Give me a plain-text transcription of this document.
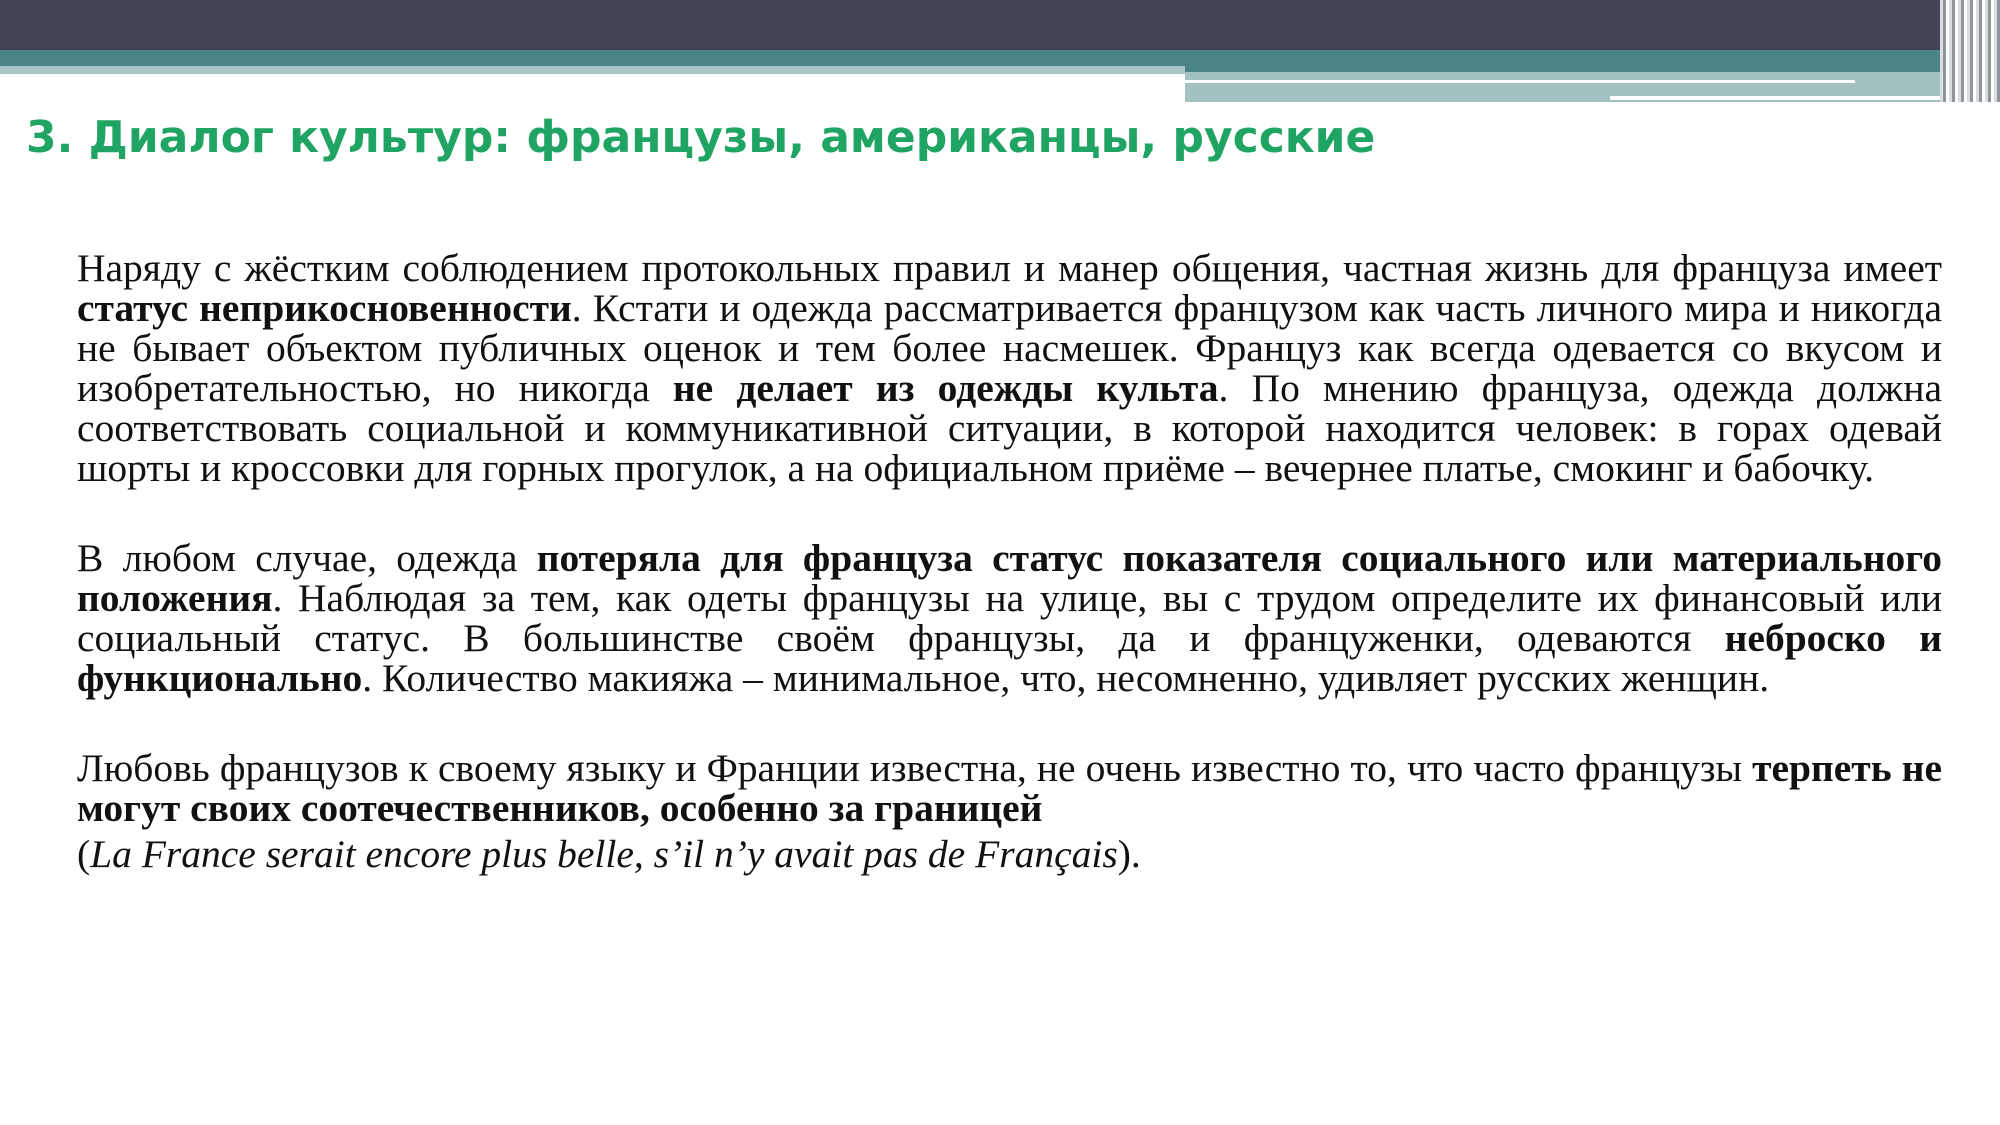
3. Диалог культур: французы, американцы, русские

Наряду с жёстким соблюдением протокольных правил и манер общения, частная жизнь для француза имеет статус неприкосновенности. Кстати и одежда рассматривается французом как часть личного мира и никогда не бывает объектом публичных оценок и тем более насмешек. Француз как всегда одевается со вкусом и изобретательностью, но никогда не делает из одежды культа. По мнению француза, одежда должна соответствовать социальной и коммуникативной ситуации, в которой находится человек: в горах одевай шорты и кроссовки для горных прогулок, а на официальном приёме – вечернее платье, смокинг и бабочку.

В любом случае, одежда потеряла для француза статус показателя социального или материального положения. Наблюдая за тем, как одеты французы на улице, вы с трудом определите их финансовый или социальный статус. В большинстве своём французы, да и француженки, одеваются неброско и функционально. Количество макияжа – минимальное, что, несомненно, удивляет русских женщин.

Любовь французов к своему языку и Франции известна, не очень известно то, что часто французы терпеть не могут своих соотечественников, особенно за границей
(La France serait encore plus belle, s’il n’y avait pas de Français).
